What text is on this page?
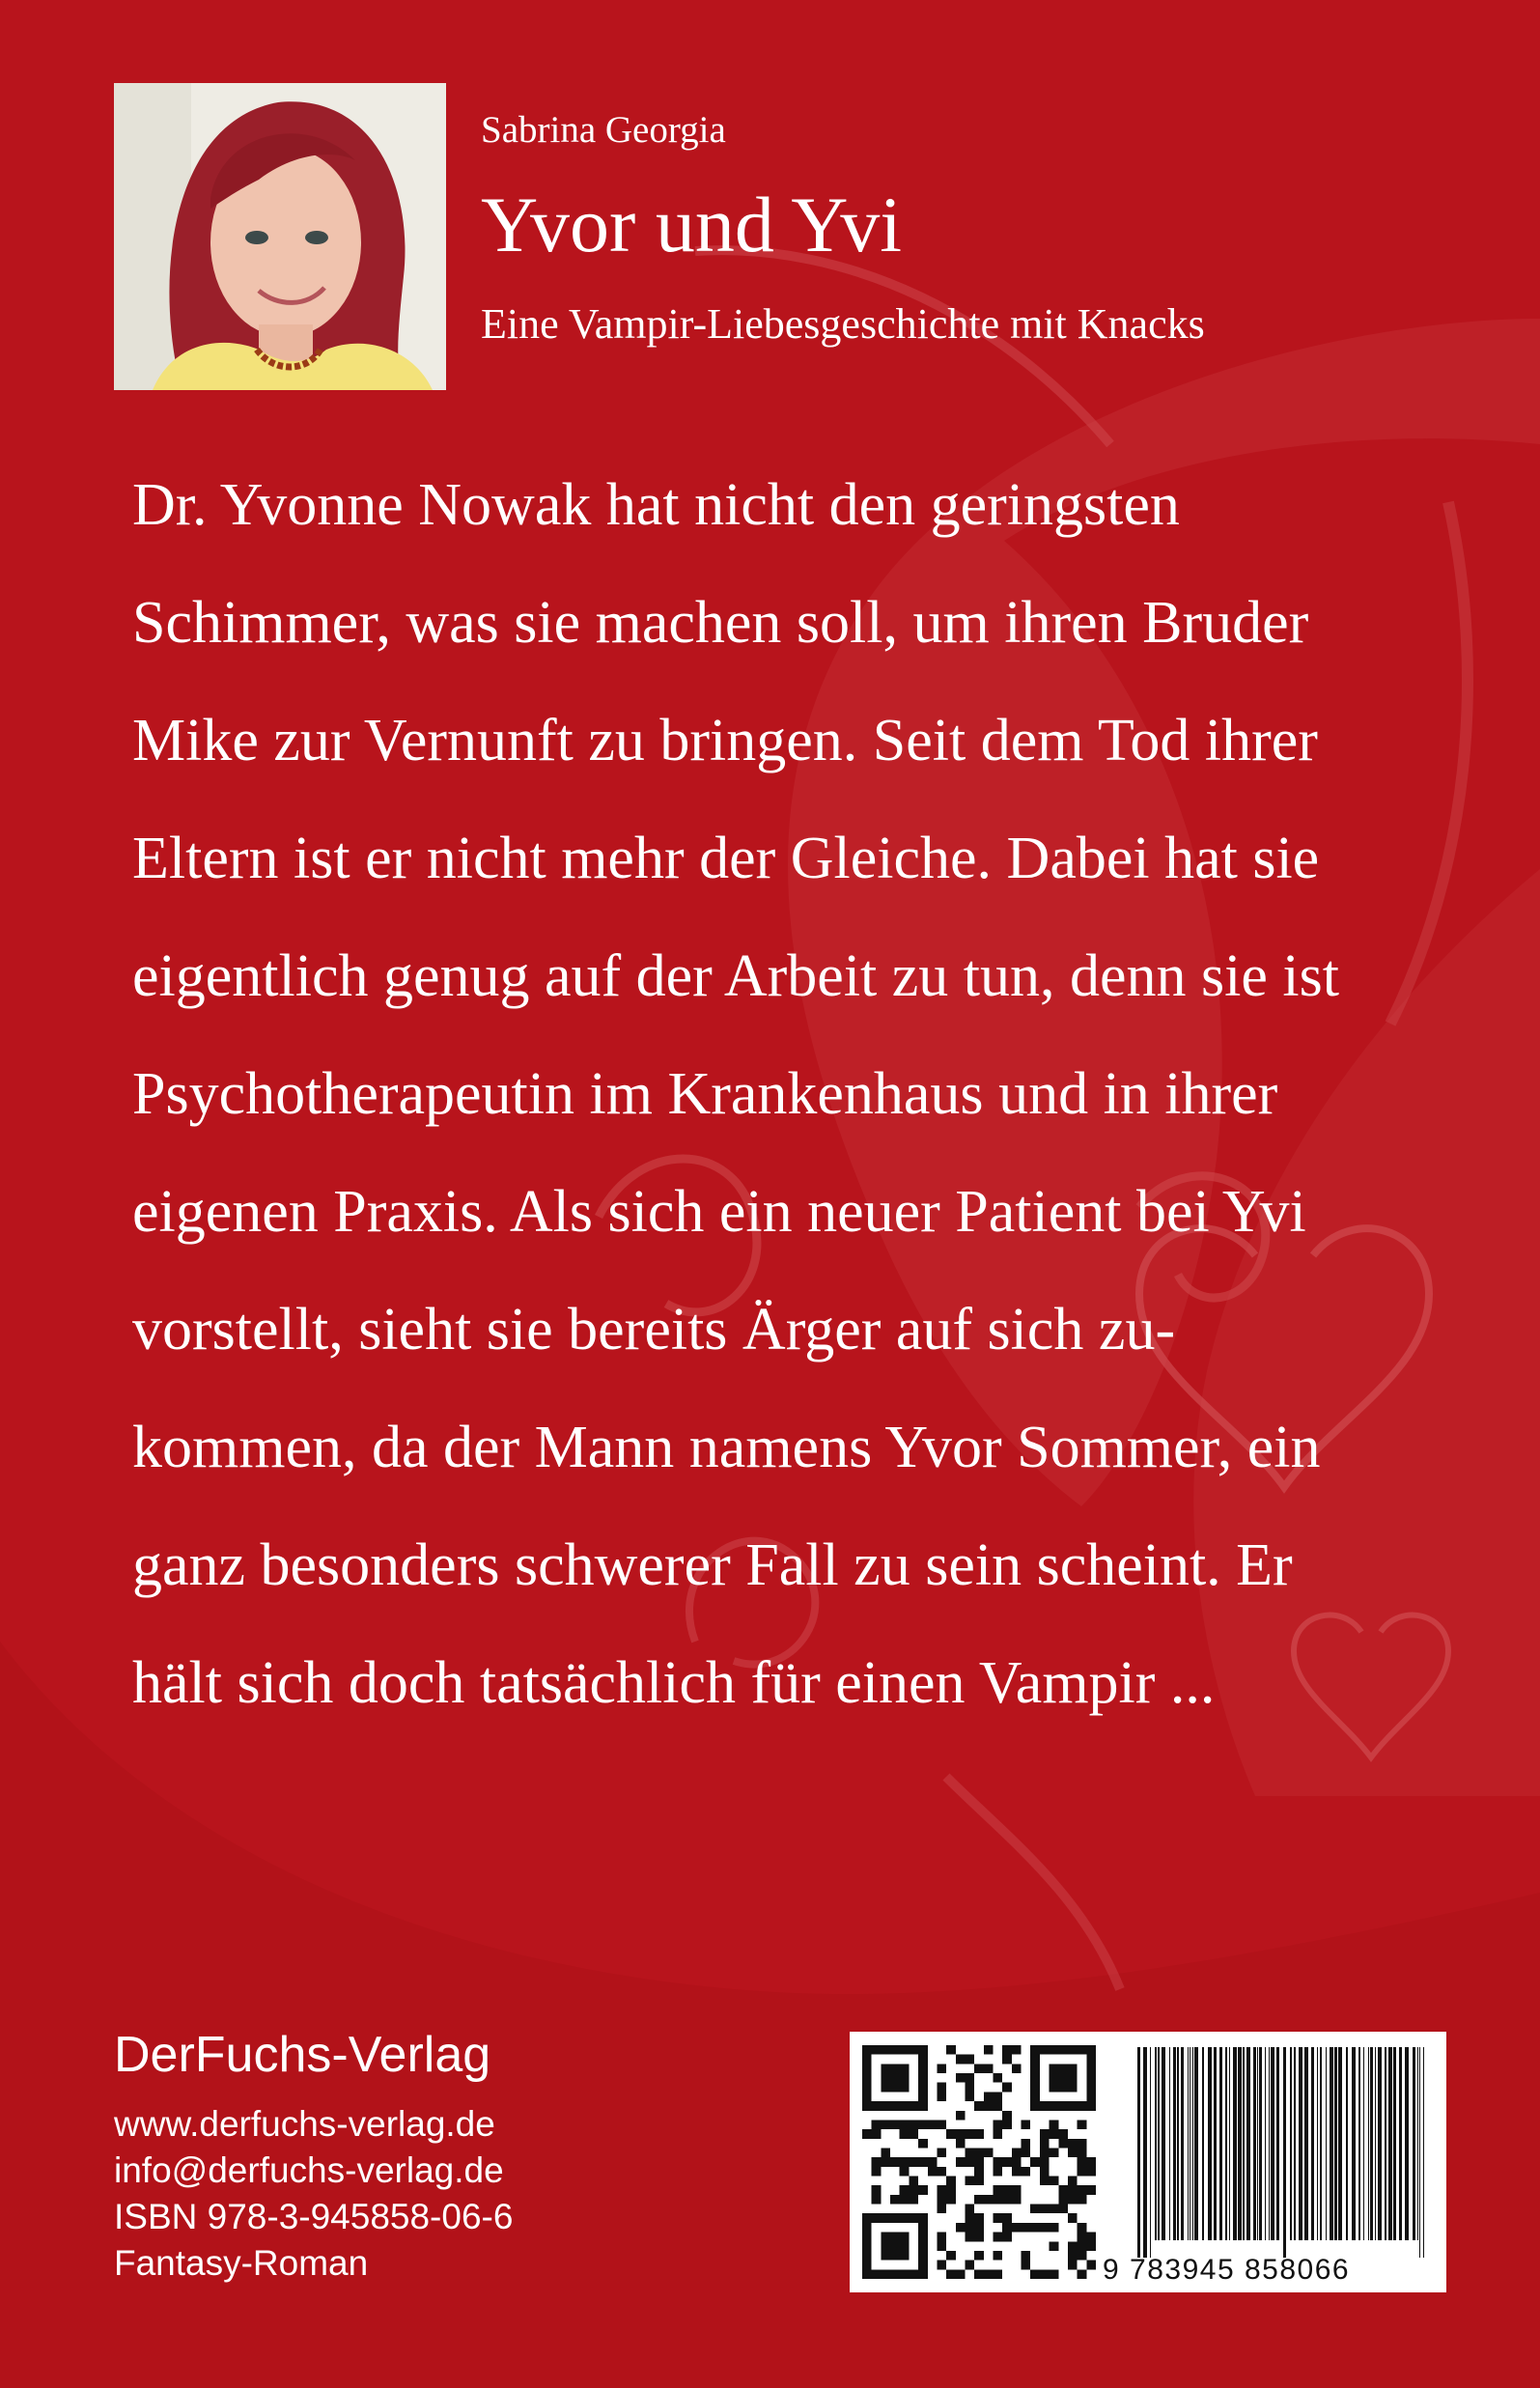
Sabrina Georgia
Yvor und Yvi
Eine Vampir-Liebesgeschichte mit Knacks
Dr. Yvonne Nowak hat nicht den geringsten
Schimmer, was sie machen soll, um ihren Bruder
Mike zur Vernunft zu bringen. Seit dem Tod ihrer
Eltern ist er nicht mehr der Gleiche. Dabei hat sie
eigentlich genug auf der Arbeit zu tun, denn sie ist
Psychotherapeutin im Krankenhaus und in ihrer
eigenen Praxis. Als sich ein neuer Patient bei Yvi
vorstellt, sieht sie bereits Ärger auf sich zu-
kommen, da der Mann namens Yvor Sommer, ein
ganz besonders schwerer Fall zu sein scheint. Er
hält sich doch tatsächlich für einen Vampir ...
DerFuchs-Verlag
www.derfuchs-verlag.de
info@derfuchs-verlag.de
ISBN 978-3-945858-06-6
Fantasy-Roman	9 783945 858066
